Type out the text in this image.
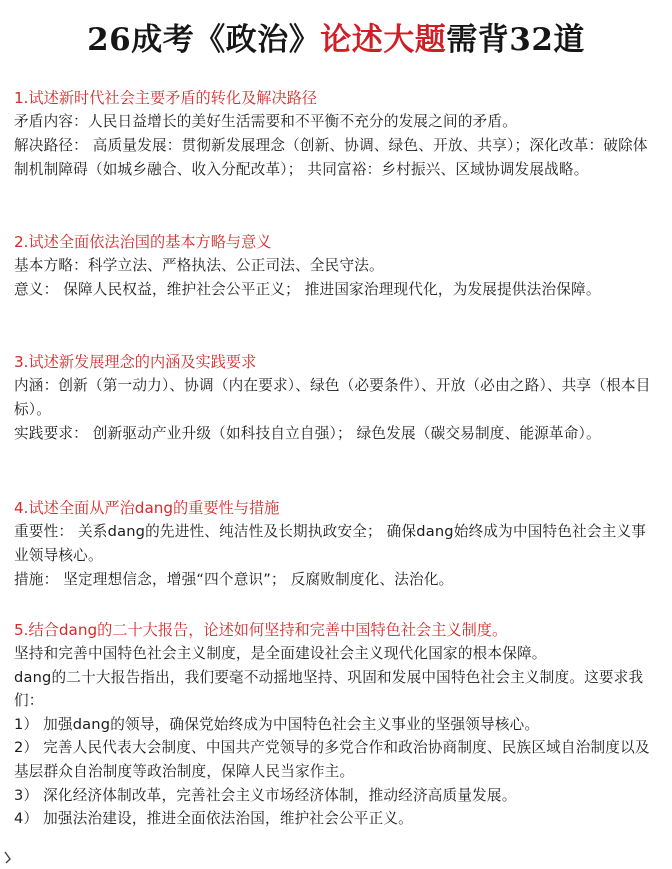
26成考《政治》论述大题需背32道
1.试述新时代社会主要矛盾的转化及解决路径
矛盾内容：人民日益增长的美好生活需要和不平衡不充分的发展之间的矛盾。
解决路径： 高质量发展：贯彻新发展理念（创新、协调、绿色、开放、共享）；深化改革：破除体制机制障碍（如城乡融合、收入分配改革）； 共同富裕：乡村振兴、区域协调发展战略。
2.试述全面依法治国的基本方略与意义
基本方略：科学立法、严格执法、公正司法、全民守法。
意义： 保障人民权益，维护社会公平正义； 推进国家治理现代化，为发展提供法治保障。
3.试述新发展理念的内涵及实践要求
内涵：创新（第一动力）、协调（内在要求）、绿色（必要条件）、开放（必由之路）、共享（根本目标）。
实践要求： 创新驱动产业升级（如科技自立自强）； 绿色发展（碳交易制度、能源革命）。
4.试述全面从严治dang的重要性与措施
重要性： 关系dang的先进性、纯洁性及长期执政安全； 确保dang始终成为中国特色社会主义事业领导核心。
措施： 坚定理想信念，增强“四个意识”； 反腐败制度化、法治化。
5.结合dang的二十大报告，论述如何坚持和完善中国特色社会主义制度。
坚持和完善中国特色社会主义制度，是全面建设社会主义现代化国家的根本保障。
dang的二十大报告指出，我们要毫不动摇地坚持、巩固和发展中国特色社会主义制度。这要求我们：
1） 加强dang的领导，确保党始终成为中国特色社会主义事业的坚强领导核心。
2） 完善人民代表大会制度、中国共产党领导的多党合作和政治协商制度、民族区域自治制度以及基层群众自治制度等政治制度，保障人民当家作主。
3） 深化经济体制改革，完善社会主义市场经济体制，推动经济高质量发展。
4） 加强法治建设，推进全面依法治国，维护社会公平正义。
